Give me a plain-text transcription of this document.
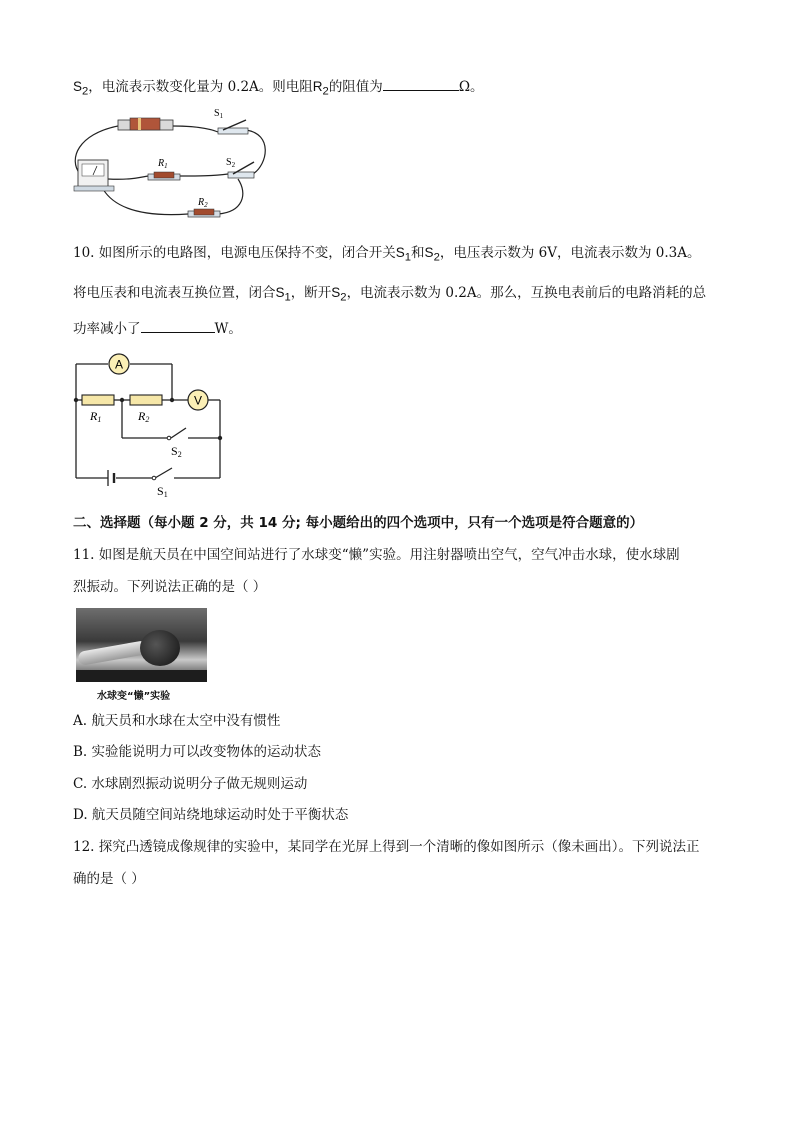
$S_2$，电流表示数变化量为 0.2A。则电阻$R_2$的阻值为	Ω。
$S_1$
$R_1$	$S_2$
$R_2$
10. 如图所示的电路图，电源电压保持不变，闭合开关$S_1$和$S_2$，电压表示数为 6V，电流表示数为 0.3A。
将电压表和电流表互换位置，闭合$S_1$，断开$S_2$，电流表示数为 0.2A。那么，互换电表前后的电路消耗的总
功率减小了	W。
A
V
R1	R2
S2
S1
二、选择题（每小题 2 分，共 14 分; 每小题给出的四个选项中，只有一个选项是符合题意的）
11. 如图是航天员在中国空间站进行了水球变“懒”实验。用注射器喷出空气，空气冲击水球，使水球剧
烈振动。下列说法正确的是（ ）
水球变“懒”实验
A. 航天员和水球在太空中没有惯性
B. 实验能说明力可以改变物体的运动状态
C. 水球剧烈振动说明分子做无规则运动
D. 航天员随空间站绕地球运动时处于平衡状态
12. 探究凸透镜成像规律的实验中，某同学在光屏上得到一个清晰的像如图所示（像未画出）。下列说法正
确的是（ ）
